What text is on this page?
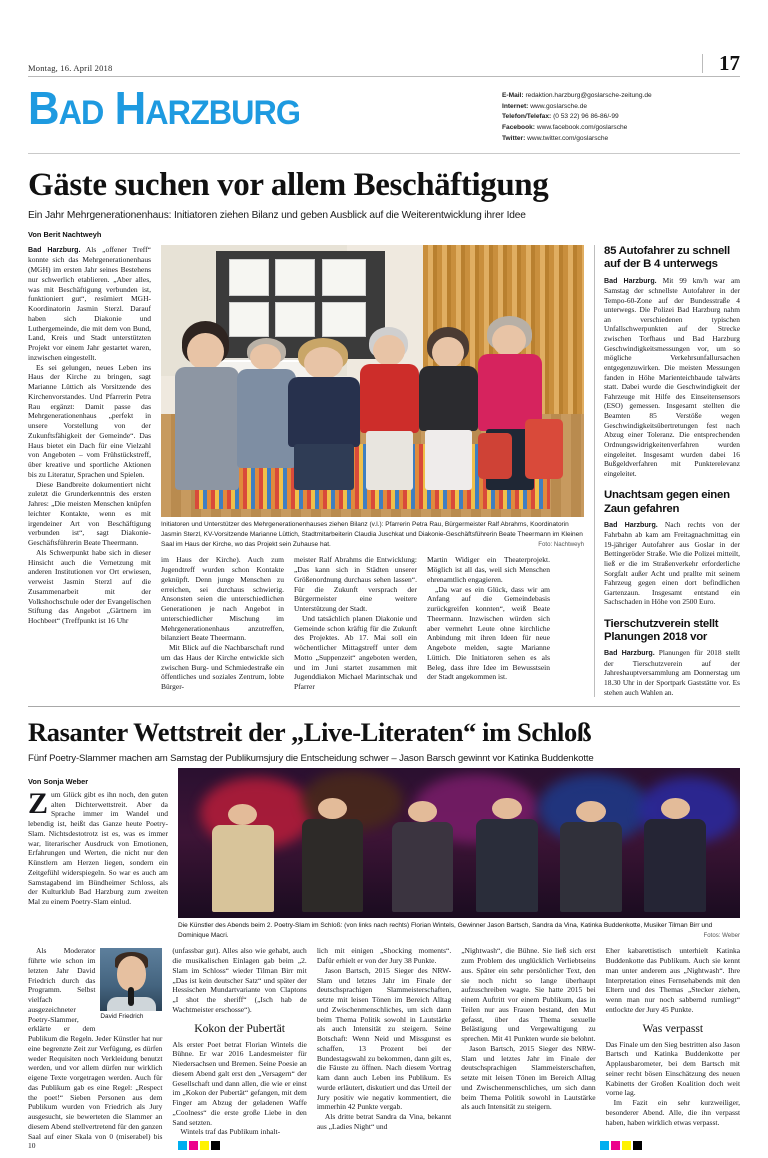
Montag, 16. April 2018	17
BAD HARZBURG	E-Mail: redaktion.harzburg@goslarsche-zeitung.de
Internet: www.goslarsche.de
Telefon/Telefax: (0 53 22) 96 86-86/-99
Facebook: www.facebook.com/goslarsche
Twitter: www.twitter.com/goslarsche
Gäste suchen vor allem Beschäftigung
Ein Jahr Mehrgenerationenhaus: Initiatoren ziehen Bilanz und geben Ausblick auf die Weiterentwicklung ihrer Idee
Von Berit Nachtweyh

Bad Harzburg. Als „offener Treff“ konnte sich das Mehrgenerationenhaus (MGH) im ersten Jahr seines Bestehens nur schwerlich etablieren. „Aber alles, was mit Beschäftigung verbunden ist, funktioniert gut“, resümiert MGH-Koordinatorin Jasmin Sterzl. Darauf haben sich Diakonie und Luthergemeinde, die mit dem von Bund, Land, Kreis und Stadt unterstützten Projekt vor einem Jahr gestartet waren, inzwischen eingestellt.

Es sei gelungen, neues Leben ins Haus der Kirche zu bringen, sagt Marianne Lüttich als Vorsitzende des Kirchenvorstandes. Und Pfarrerin Petra Rau ergänzt: Damit passe das Mehrgenerationenhaus „perfekt in unsere Vorstellung von der Zukunftsfähigkeit der Gemeinde“. Das Haus bietet ein Dach für eine Vielzahl von Angeboten – vom Frühstückstreff, über kreative und sportliche Aktionen bis zu Literatur, Sprachen und Spielen.

Diese Bandbreite dokumentiert nicht zuletzt die Grunderkenntnis des ersten Jahres: „Die meisten Menschen knüpfen leichter Kontakte, wenn es mit irgendeiner Art von Beschäftigung verbunden ist“, sagt Diakonie-Geschäftsführerin Beate Theermann.

Als Schwerpunkt habe sich in dieser Hinsicht auch die Vernetzung mit anderen Institutionen vor Ort erwiesen, verweist Jasmin Sterzl auf die Zusammenarbeit mit der Volkshochschule oder der Evangelischen Stiftung das Angebot „Gärtnern im Hochbeet“ (Treffpunkt ist 16 Uhr

Initiatoren und Unterstützer des Mehrgenerationenhauses ziehen Bilanz (v.l.): Pfarrerin Petra Rau, Bürgermeister Ralf Abrahms, Koordinatorin Jasmin Sterzl, KV-Vorsitzende Marianne Lüttich, Stadtmitarbeiterin Claudia Juschkat und Diakonie-Geschäftsführerin Beate Theermann im Kleinen Saal im Haus der Kirche, wo das Projekt sein Zuhause hat.	Foto: Nachtweyh

im Haus der Kirche). Auch zum Jugendtreff wurden schon Kontakte geknüpft. Denn junge Menschen zu erreichen, sei durchaus schwierig. Ansonsten seien die unterschiedlichen Generationen je nach Angebot in unterschiedlicher Mischung im Mehrgenerationenhaus anzutreffen, bilanziert Beate Theermann.

Mit Blick auf die Nachbarschaft rund um das Haus der Kirche entwickle sich zwischen Burg- und Schmiedestraße ein öffentliches und soziales Zentrum, lobte Bürger-

meister Ralf Abrahms die Entwicklung: „Das kann sich in Städten unserer Größenordnung durchaus sehen lassen“. Für die Zukunft versprach der Bürgermeister eine weitere Unterstützung der Stadt.

Und tatsächlich planen Diakonie und Gemeinde schon kräftig für die Zukunft des Projektes. Ab 17. Mai soll ein wöchentlicher Mittagstreff unter dem Motto „Suppenzeit“ angeboten werden, und im Juni startet zusammen mit Jugenddiakon Michael Marintschak und Pfarrer

Martin Widiger ein Theaterprojekt. Möglich ist all das, weil sich Menschen ehrenamtlich engagieren.

„Da war es ein Glück, dass wir am Anfang auf die Gemeindebasis zurückgreifen konnten“, weiß Beate Theermann. Inzwischen würden sich aber vermehrt Leute ohne kirchliche Anbindung mit ihren Ideen für neue Angebote melden, sagte Marianne Lüttich. Die Initiatoren sehen es als Beleg, dass ihre Idee im Bewusstsein der Stadt angekommen ist.

85 Autofahrer zu schnell auf der B 4 unterwegs

Bad Harzburg. Mit 99 km/h war am Samstag der schnellste Autofahrer in der Tempo-60-Zone auf der Bundesstraße 4 unterwegs. Die Polizei Bad Harzburg nahm an verschiedenen typischen Unfallschwerpunkten auf der Strecke zwischen Torfhaus und Bad Harzburg Geschwindigkeitsmessungen vor, um so mögliche Verkehrsunfallursachen entgegenzuwirken. Die meisten Messungen fanden in Höhe Marienteichbaude talwärts statt. Dabei wurde die Geschwindigkeit der Fahrzeuge mit Hilfe des Einseitensensors (ESO) gemessen. Insgesamt stellten die Beamten 85 Verstöße wegen Geschwindigkeitsübertretungen fest nach Abzug einer Toleranz. Die entsprechenden Ordnungswidrigkeitenverfahren wurden eingeleitet. Insgesamt wurden dabei 16 Bußgeldverfahren mit Punkterelevanz eingeleitet.

Unachtsam gegen einen Zaun gefahren

Bad Harzburg. Nach rechts von der Fahrbahn ab kam am Freitagnachmittag ein 19-jähriger Autofahrer aus Goslar in der Bettingeröder Straße. Wie die Polizei mitteilt, ließ er die im Straßenverkehr erforderliche Sorgfalt außer Acht und prallte mit seinem Fahrzeug gegen einen dort befindlichen Gartenzaun. Insgesamt entstand ein Sachschaden in Höhe von 2500 Euro.

Tierschutzverein stellt Planungen 2018 vor

Bad Harzburg. Planungen für 2018 stellt der Tierschutzverein auf der Jahreshauptversammlung am Donnerstag um 18.30 Uhr in der Sportpark Gaststätte vor. Es stehen auch Wahlen an.

Rasanter Wettstreit der „Live-Literaten“ im Schloß
Fünf Poetry-Slammer machen am Samstag der Publikumsjury die Entscheidung schwer – Jason Barsch gewinnt vor Katinka Buddenkotte
Von Sonja Weber

Zum Glück gibt es ihn noch, den guten alten Dichterwettstreit. Aber da Sprache immer im Wandel und lebendig ist, heißt das Ganze heute Poetry-Slam. Nichtsdestotrotz ist es, was es immer war, literarischer Ausdruck von Emotionen, Erfahrungen und Werten, die nicht nur den Künstlern am Herzen liegen, sondern ein Zeitgefühl widerspiegeln. So war es auch am Samstagabend im Bündheimer Schloss, als der Kulturklub Bad Harzburg zum zweiten Mal zu einem Poetry-Slam einlud.

Die Künstler des Abends beim 2. Poetry-Slam im Schloß: (von links nach rechts) Florian Wintels, Gewinner Jason Bartsch, Sandra da Vina, Katinka Buddenkotte, Musiker Tilman Birr und Dominique Macri.	Fotos: Weber
David Friedrich

Als Moderator führte wie schon im letzten Jahr David Friedrich durch das Programm. Selbst vielfach ausgezeichneter Poetry-Slammer, erklärte er dem Publikum die Regeln. Jeder Künstler hat nur eine begrenzte Zeit zur Verfügung, es dürfen weder Requisiten noch Verkleidung benutzt werden, und vor allem dürfen nur wirklich eigene Texte vorgetragen werden. Auch für das Publikum gab es eine Regel: „Respect the poet!“ Sieben Personen aus dem Publikum wurden von Friedrich als Jury ausgesucht, sie bewerteten die Slammer an diesem Abend stellvertretend für den ganzen Saal auf einer Skala von 0 (miserabel) bis 10

(unfassbar gut). Alles also wie gehabt, auch die musikalischen Einlagen gab beim „2. Slam im Schloss“ wieder Tilman Birr mit „Das ist kein deutscher Satz“ und später der Hessischen Mundartvariante von Claptons „I shot the sheriff“ („Isch hab de Wachtmeister erschosse“).

Kokon der Pubertät

Als erster Poet betrat Florian Wintels die Bühne. Er war 2016 Landesmeister für Niedersachsen und Bremen. Seine Poesie an diesem Abend galt erst den „Versagern“ der Gesellschaft und dann allen, die wie er einst im „Kokon der Pubertät“ gefangen, mit dem Finger am Abzug der geladenen Waffe „Coolness“ die erste große Liebe in den Sand setzten.

Wintels traf das Publikum inhalt-

lich mit einigen „Shocking moments“. Dafür erhielt er von der Jury 38 Punkte.

Jason Bartsch, 2015 Sieger des NRW-Slam und letztes Jahr im Finale der deutschsprachigen Slammeisterschaften, setzte mit leisen Tönen im Bereich Alltag und Zwischenmenschliches, um sich dann beim Thema Politik sowohl in Lautstärke als auch Intensität zu steigern. Seine Botschaft: Wenn Neid und Missgunst es schaffen, 13 Prozent bei der Bundestagswahl zu bekommen, dann gilt es, die Fäuste zu öffnen. Nach diesem Vortrag kam dann auch Leben ins Publikum. Es wurde erläutert, diskutiert und das Urteil der Jury positiv wie negativ kommentiert, die immerhin 42 Punkte vergab.

Als dritte betrat Sandra da Vina, bekannt aus „Ladies Night“ und

„Nightwash“, die Bühne. Sie ließ sich erst zum Problem des unglücklich Verliebtseins aus. Später ein sehr persönlicher Text, den sie noch nicht so lange überhaupt aufzuschreiben wagte. Sie hatte 2015 bei einem Auftritt vor einem Publikum, das in Teilen nur aus Frauen bestand, den Mut gefasst, über das Thema sexuelle Belästigung und Vergewaltigung zu sprechen. Mit 41 Punkten wurde sie belohnt.

Jason Bartsch, 2015 Sieger des NRW-Slam und letztes Jahr im Finale der deutschsprachigen Slammeisterschaften, setzte mit leisen Tönen im Bereich Alltag und Zwischenmenschliches, um sich dann beim Thema Politik sowohl in Lautstärke als auch Intensität zu steigern.

Eher kabarettistisch unterhielt Katinka Buddenkotte das Publikum. Auch sie kennt man unter anderem aus „Nightwash“. Ihre Interpretation eines Fernsehabends mit den Eltern und des Themas „Stecker ziehen, wenn man nur noch sabbernd rumliegt“ entlockte der Jury 45 Punkte.

Was verpasst

Das Finale um den Sieg bestritten also Jason Bartsch und Katinka Buddenkotte per Applausbarometer, bei dem Bartsch mit seiner recht bösen Einschätzung des neuen Kabinetts der Großen Koalition doch weit vorne lag.

Im Fazit ein sehr kurzweiliger, besonderer Abend. Alle, die ihn verpasst haben, haben wirklich etwas verpasst.
